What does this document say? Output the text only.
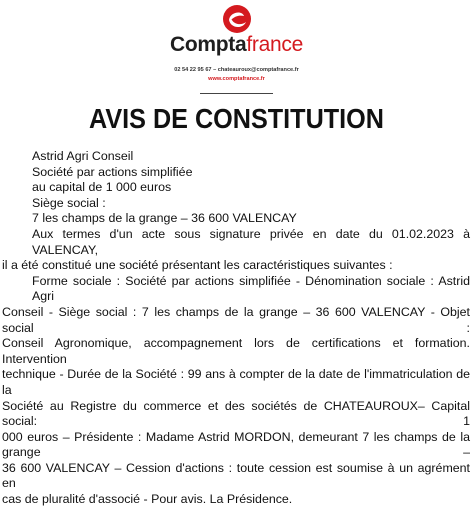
Comptafrance
02 54 22 95 67 – chateauroux@comptafrance.fr
www.comptafrance.fr
AVIS DE CONSTITUTION

Astrid Agri Conseil

Société par actions simplifiée

au capital de 1 000 euros

Siège social :

7 les champs de la grange – 36 600 VALENCAY

Aux termes d'un acte sous signature privée en date du 01.02.2023 à VALENCAY,

il a été constitué une société présentant les caractéristiques suivantes :

Forme sociale : Société par actions simplifiée - Dénomination sociale : Astrid Agri

Conseil - Siège social : 7 les champs de la grange – 36 600 VALENCAY - Objet social :

Conseil Agronomique, accompagnement lors de certifications et formation. Intervention

technique - Durée de la Société : 99 ans à compter de la date de l'immatriculation de la

Société au Registre du commerce et des sociétés de CHATEAUROUX– Capital social: 1

000 euros – Présidente : Madame Astrid MORDON, demeurant 7 les champs de la grange –

36 600 VALENCAY – Cession d'actions : toute cession est soumise à un agrément en

cas de pluralité d'associé - Pour avis. La Présidence.
